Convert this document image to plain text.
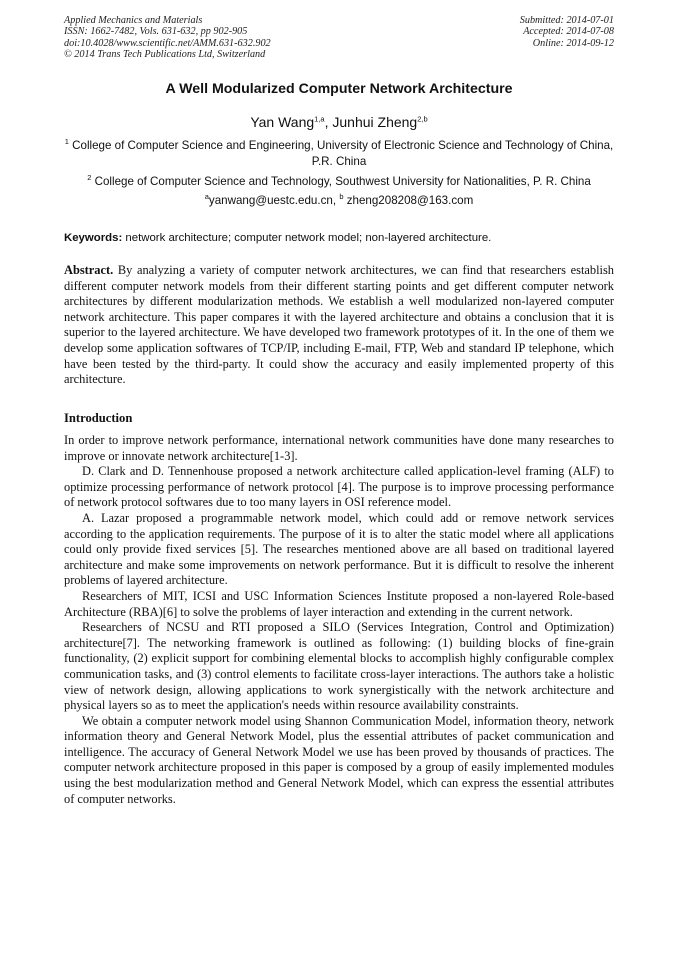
Applied Mechanics and Materials
ISSN: 1662-7482, Vols. 631-632, pp 902-905
doi:10.4028/www.scientific.net/AMM.631-632.902
© 2014 Trans Tech Publications Ltd, Switzerland
Submitted: 2014-07-01
Accepted: 2014-07-08
Online: 2014-09-12
A Well Modularized Computer Network Architecture
Yan Wang$^{1,a}$, Junhui Zheng$^{2,b}$
$^1$ College of Computer Science and Engineering, University of Electronic Science and Technology of China, P.R. China
$^2$ College of Computer Science and Technology, Southwest University for Nationalities, P. R. China
$^a$yanwang@uestc.edu.cn, $^b$ zheng208208@163.com
Keywords: network architecture; computer network model; non-layered architecture.
Abstract. By analyzing a variety of computer network architectures, we can find that researchers establish different computer network models from their different starting points and get different computer network architectures by different modularization methods. We establish a well modularized non-layered computer network architecture. This paper compares it with the layered architecture and obtains a conclusion that it is superior to the layered architecture. We have developed two framework prototypes of it. In the one of them we develop some application softwares of TCP/IP, including E-mail, FTP, Web and standard IP telephone, which have been tested by the third-party. It could show the accuracy and easily implemented property of this architecture.
Introduction

In order to improve network performance, international network communities have done many researches to improve or innovate network architecture[1-3].

D. Clark and D. Tennenhouse proposed a network architecture called application-level framing (ALF) to optimize processing performance of network protocol [4]. The purpose is to improve processing performance of network protocol softwares due to too many layers in OSI reference model.

A. Lazar proposed a programmable network model, which could add or remove network services according to the application requirements. The purpose of it is to alter the static model where all applications could only provide fixed services [5]. The researches mentioned above are all based on traditional layered architecture and make some improvements on network performance. But it is difficult to resolve the inherent problems of layered architecture.

Researchers of MIT, ICSI and USC Information Sciences Institute proposed a non-layered Role-based Architecture (RBA)[6] to solve the problems of layer interaction and extending in the current network.

Researchers of NCSU and RTI proposed a SILO (Services Integration, Control and Optimization) architecture[7]. The networking framework is outlined as following: (1) building blocks of fine-grain functionality, (2) explicit support for combining elemental blocks to accomplish highly configurable complex communication tasks, and (3) control elements to facilitate cross-layer interactions. The authors take a holistic view of network design, allowing applications to work synergistically with the network architecture and physical layers so as to meet the application's needs within resource availability constraints.

We obtain a computer network model using Shannon Communication Model, information theory, network information theory and General Network Model, plus the essential attributes of packet communication and intelligence. The accuracy of General Network Model we use has been proved by thousands of practices. The computer network architecture proposed in this paper is composed by a group of easily implemented modules using the best modularization method and General Network Model, which can express the essential attributes of computer networks.
